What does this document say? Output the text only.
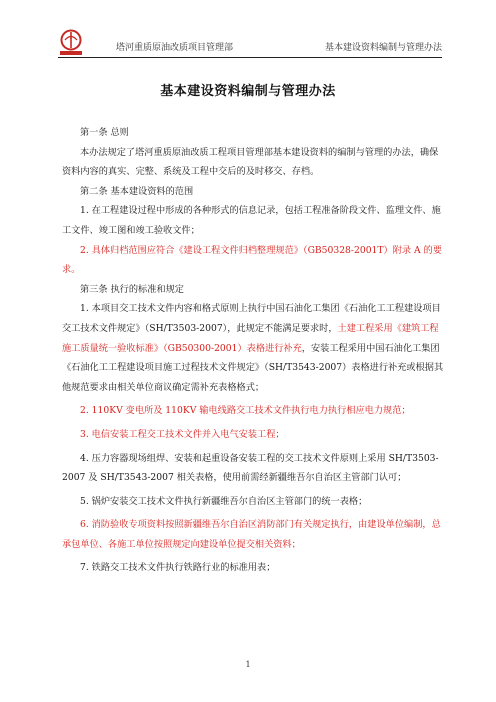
塔河重质原油改质项目管理部	基本建设资料编制与管理办法
基本建设资料编制与管理办法

第一条 总则

本办法规定了塔河重质原油改质工程项目管理部基本建设资料的编制与管理的办法，确保资料内容的真实、完整、系统及工程中交后的及时移交、存档。

第二条 基本建设资料的范围

1. 在工程建设过程中形成的各种形式的信息记录，包括工程准备阶段文件、监理文件、施工文件、竣工图和竣工验收文件；

2. 具体归档范围应符合《建设工程文件归档整理规范》（GB50328-2001T）附录 A 的要求。

第三条 执行的标准和规定

1. 本项目交工技术文件内容和格式原则上执行中国石油化工集团《石油化工工程建设项目交工技术文件规定》（SH/T3503-2007），此规定不能满足要求时，土建工程采用《建筑工程施工质量统一验收标准》（GB50300-2001）表格进行补充，安装工程采用中国石油化工集团《石油化工工程建设项目施工过程技术文件规定》（SH/T3543-2007）表格进行补充或根据其他规范要求由相关单位商议确定需补充表格格式；

2. 110KV 变电所及 110KV 输电线路交工技术文件执行电力执行相应电力规范；

3. 电信安装工程交工技术文件并入电气安装工程；

4. 压力容器现场组焊、安装和起重设备安装工程的交工技术文件原则上采用 SH/T3503-2007 及 SH/T3543-2007 相关表格，使用前需经新疆维吾尔自治区主管部门认可；

5. 锅炉安装交工技术文件执行新疆维吾尔自治区主管部门的统一表格；

6. 消防验收专项资料按照新疆维吾尔自治区消防部门有关规定执行，由建设单位编制，总承包单位、各施工单位按照规定向建设单位提交相关资料；

7. 铁路交工技术文件执行铁路行业的标准用表；

1
